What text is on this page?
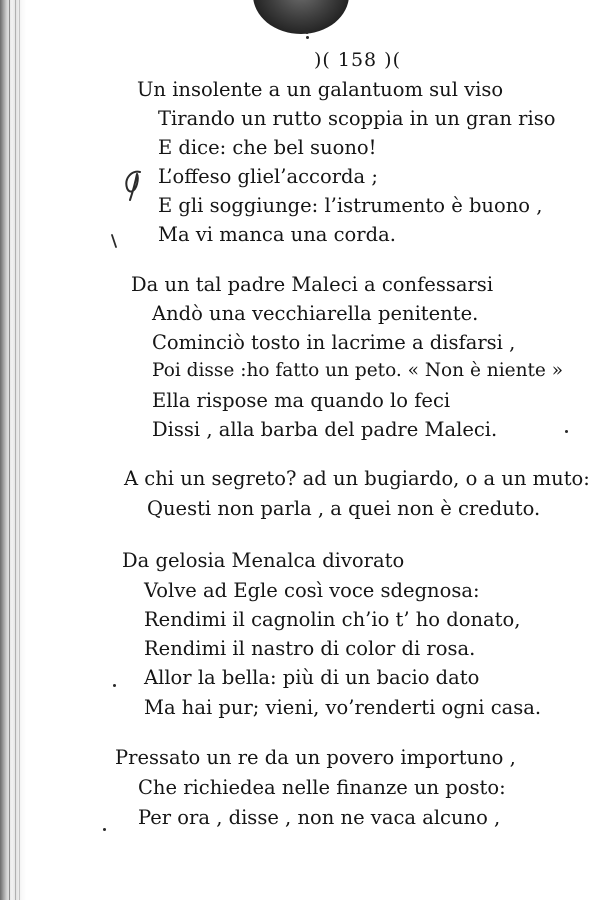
)( 158 )(
Un insolente a un galantuom sul viso
Tirando un rutto scoppia in un gran riso
E dice: che bel suono!
L’offeso gliel’accorda ;
E gli soggiunge: l’istrumento è buono ,
Ma vi manca una corda.
Da un tal padre Maleci a confessarsi
Andò una vecchiarella penitente.
Cominciò tosto in lacrime a disfarsi ,
Poi disse :ho fatto un peto. « Non è niente »
Ella rispose ma quando lo feci
Dissi , alla barba del padre Maleci.
A chi un segreto? ad un bugiardo, o a un muto:
Questi non parla , a quei non è creduto.
Da gelosia Menalca divorato
Volve ad Egle così voce sdegnosa:
Rendimi il cagnolin ch’io t’ ho donato,
Rendimi il nastro di color di rosa.
Allor la bella: più di un bacio dato
Ma hai pur; vieni, vo’renderti ogni casa.
Pressato un re da un povero importuno ,
Che richiedea nelle finanze un posto:
Per ora , disse , non ne vaca alcuno ,
